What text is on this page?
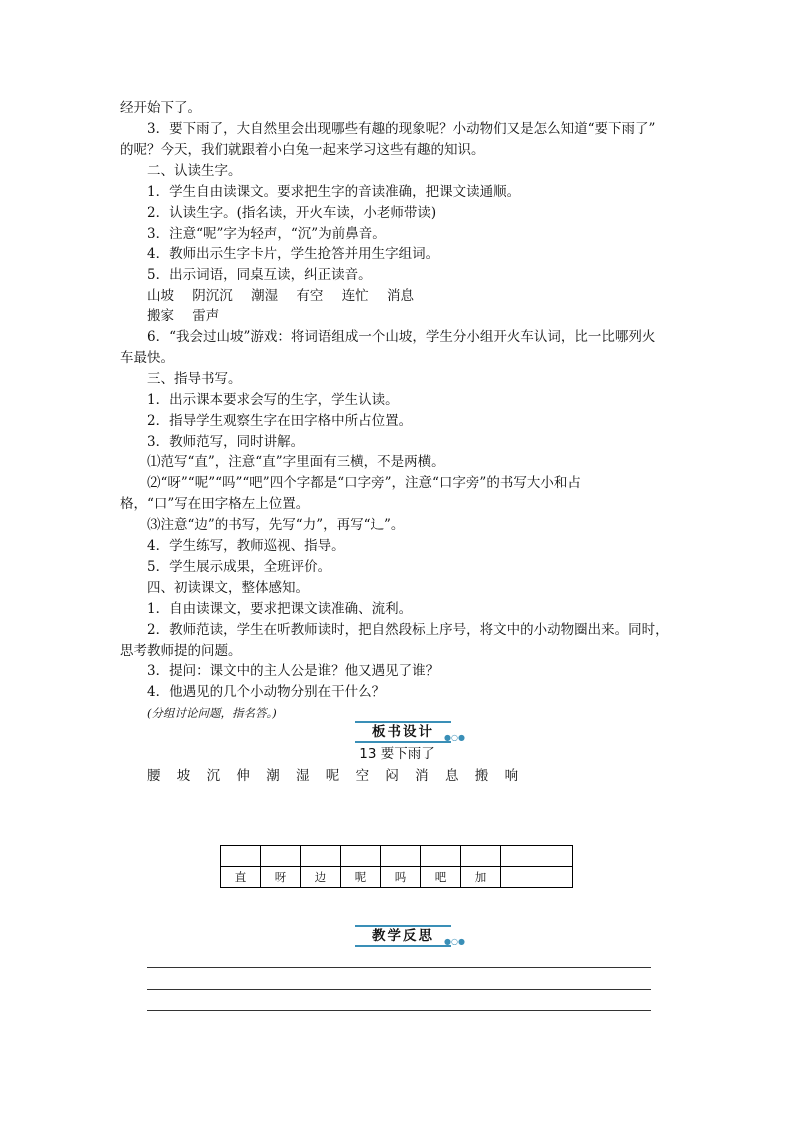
经开始下了。
3．要下雨了，大自然里会出现哪些有趣的现象呢？小动物们又是怎么知道“要下雨了”
的呢？今天，我们就跟着小白兔一起来学习这些有趣的知识。
二、认读生字。
1．学生自由读课文。要求把生字的音读准确，把课文读通顺。
2．认读生字。(指名读，开火车读，小老师带读)
3．注意“呢”字为轻声，“沉”为前鼻音。
4．教师出示生字卡片，学生抢答并用生字组词。
5．出示词语，同桌互读，纠正读音。
6．“我会过山坡”游戏：将词语组成一个山坡，学生分小组开火车认词，比一比哪列火
车最快。
三、指导书写。
1．出示课本要求会写的生字，学生认读。
2．指导学生观察生字在田字格中所占位置。
3．教师范写，同时讲解。
⑴范写“直”，注意“直”字里面有三横，不是两横。
⑵“呀”“呢”“吗”“吧”四个字都是“口字旁”，注意“口字旁”的书写大小和占
格，“口”写在田字格左上位置。
⑶注意“边”的书写，先写“力”，再写“辶”。
4．学生练写，教师巡视、指导。
5．学生展示成果，全班评价。
四、初读课文，整体感知。
1．自由读课文，要求把课文读准确、流利。
2．教师范读，学生在听教师读时，把自然段标上序号，将文中的小动物圈出来。同时，
思考教师提的问题。
3．提问：课文中的主人公是谁？他又遇见了谁？
4．他遇见的几个小动物分别在干什么？
(分组讨论问题，指名答。)
山坡 阴沉沉 潮湿 有空 连忙 消息
搬家 雷声
板书设计 ●○●
13 要下雨了
腰 坡 沉 伸 潮 湿 呢 空 闷 消 息 搬 响

直	呀	边	呢	吗	吧	加	
教学反思 ●○●
